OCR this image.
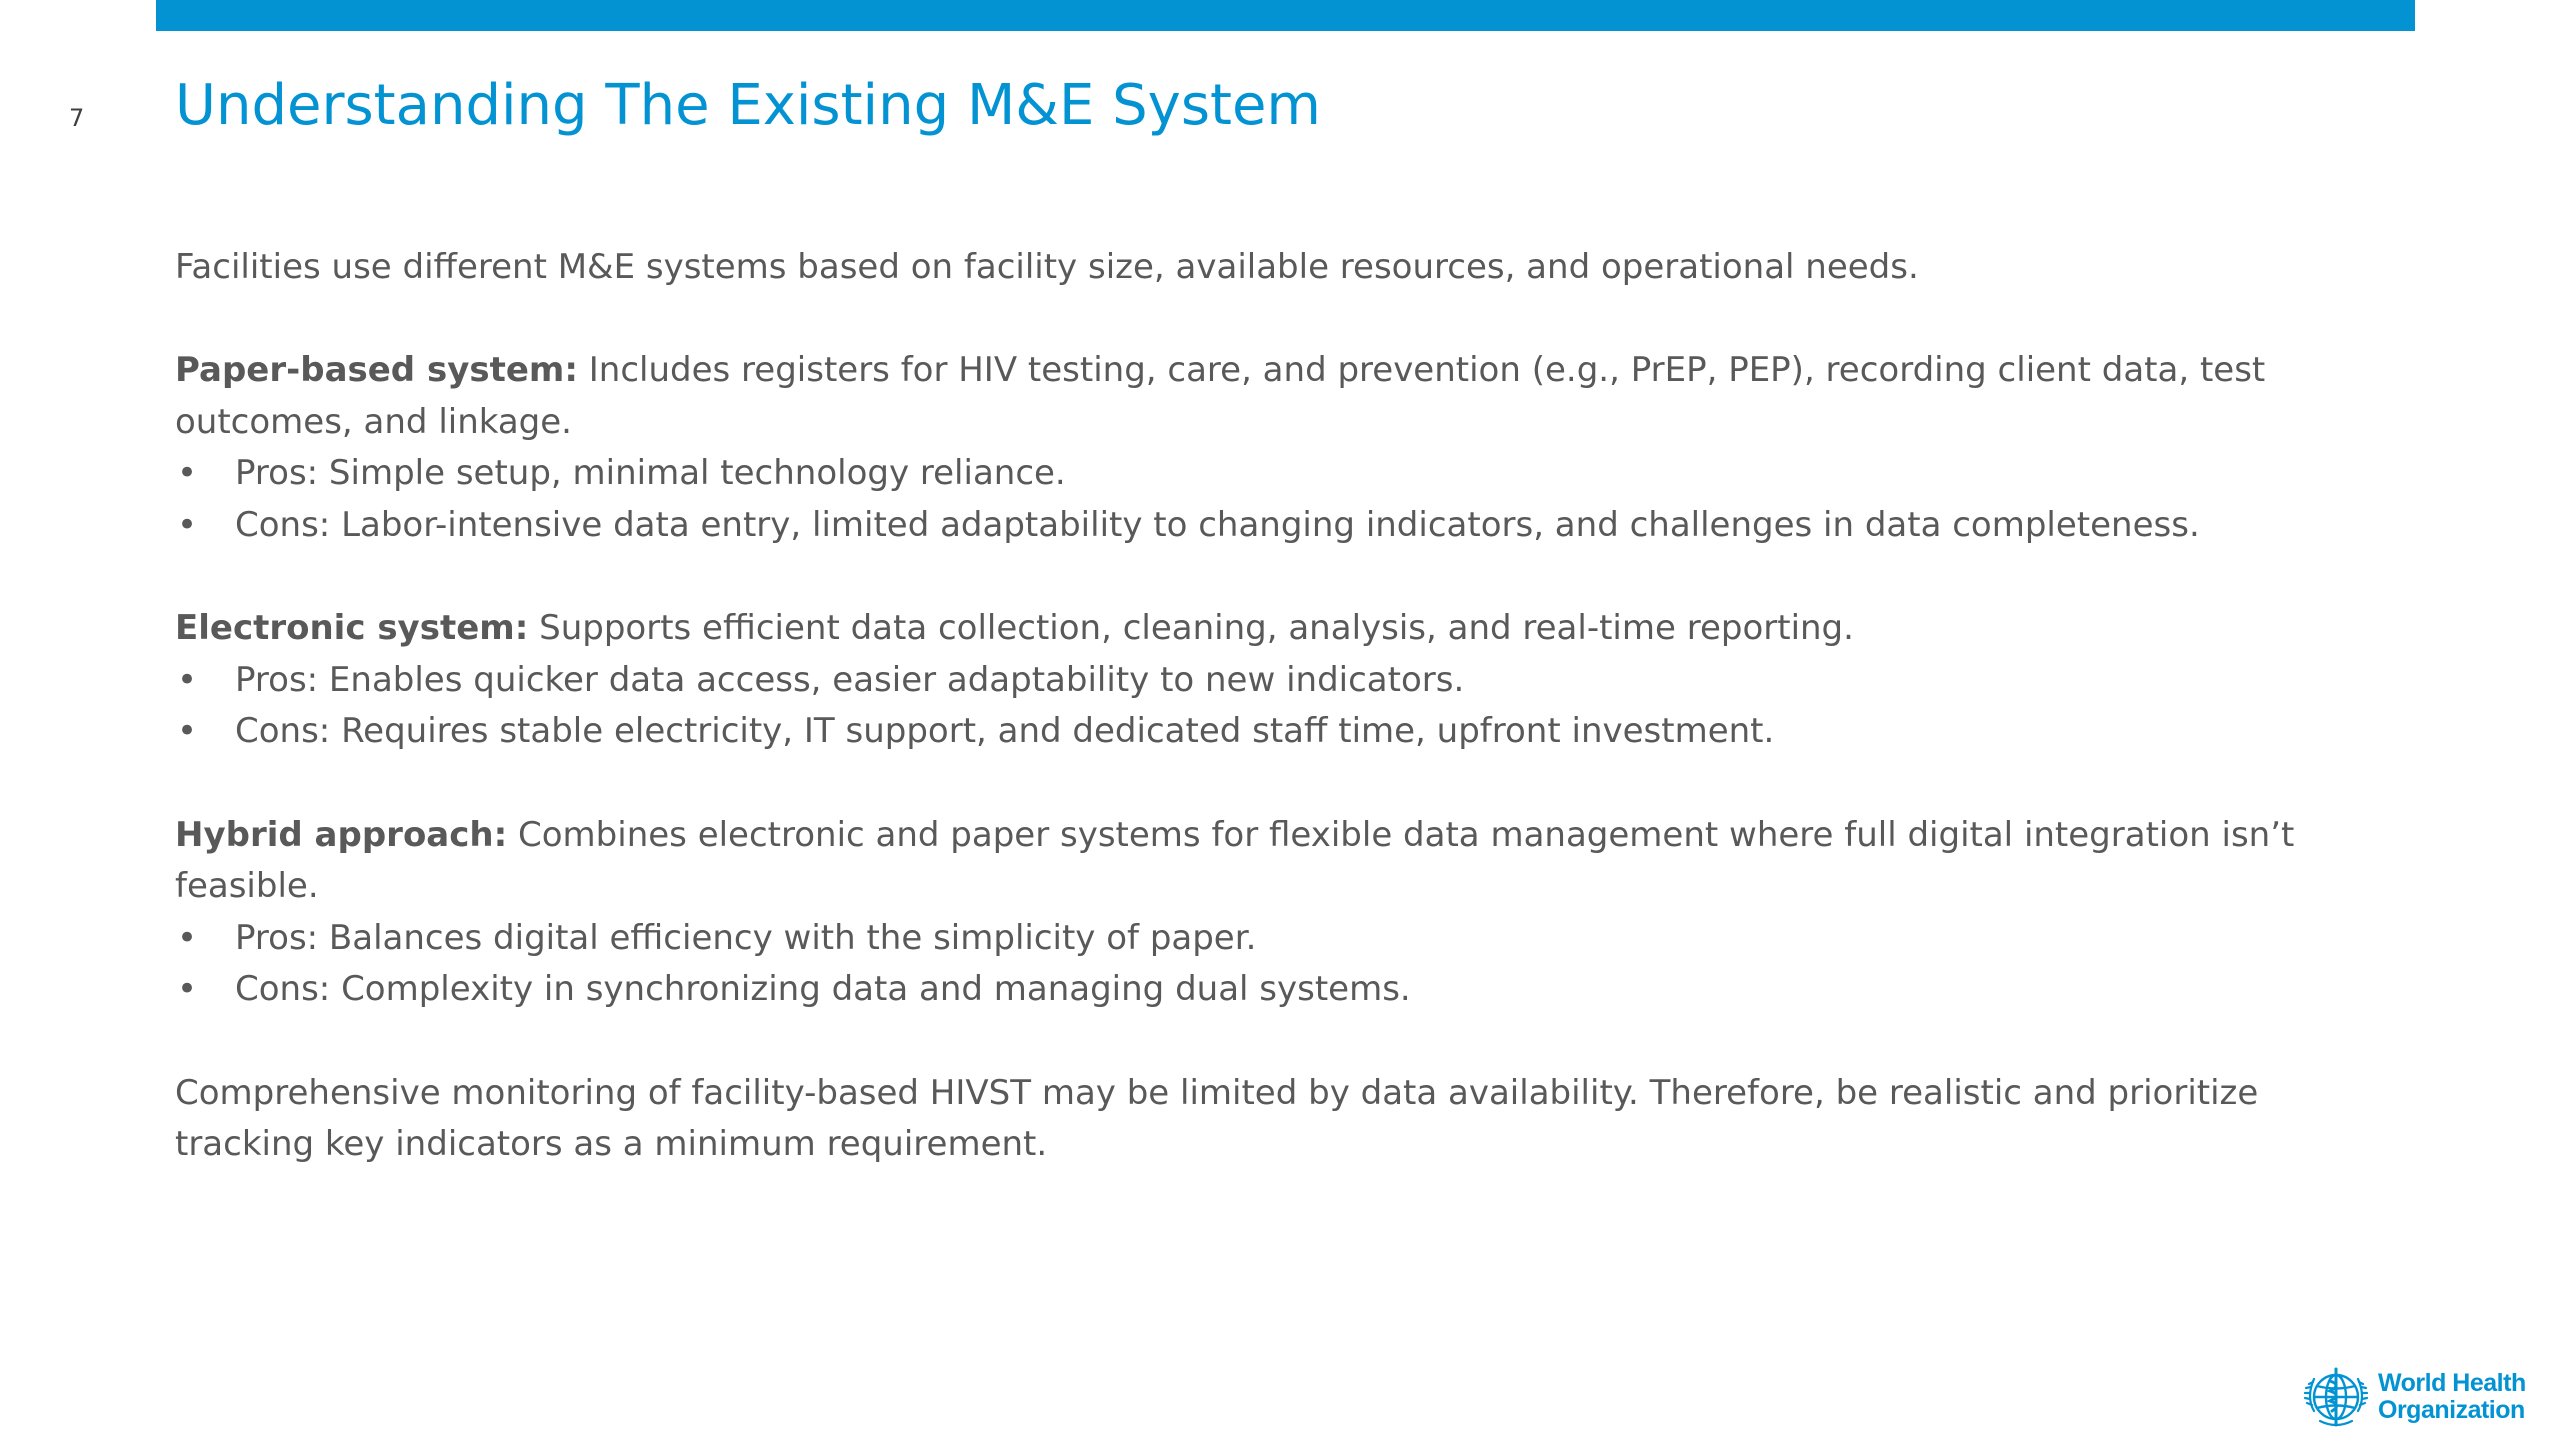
7 Understanding The Existing M&E System

Facilities use different M&E systems based on facility size, available resources, and operational needs.

Paper-based system: Includes registers for HIV testing, care, and prevention (e.g., PrEP, PEP), recording client data, test outcomes, and linkage.

• Pros: Simple setup, minimal technology reliance.
• Cons: Labor-intensive data entry, limited adaptability to changing indicators, and challenges in data completeness.

Electronic system: Supports efficient data collection, cleaning, analysis, and real-time reporting.

• Pros: Enables quicker data access, easier adaptability to new indicators.
• Cons: Requires stable electricity, IT support, and dedicated staff time, upfront investment.

Hybrid approach: Combines electronic and paper systems for flexible data management where full digital integration isn’t feasible.

• Pros: Balances digital efficiency with the simplicity of paper.
• Cons: Complexity in synchronizing data and managing dual systems.

Comprehensive monitoring of facility-based HIVST may be limited by data availability. Therefore, be realistic and prioritize tracking key indicators as a minimum requirement.

World Health
Organization
